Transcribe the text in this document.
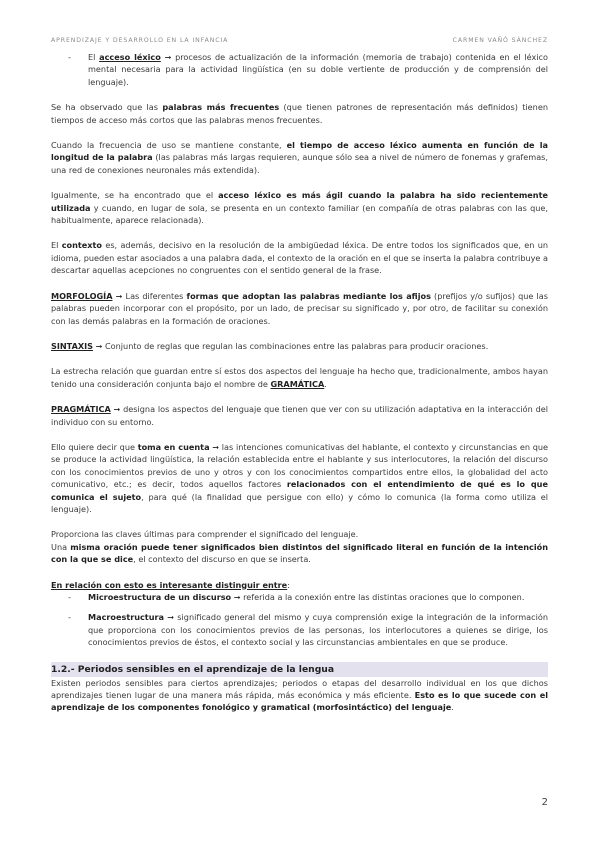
APRENDIZAJE Y DESARROLLO EN LA INFANCIA	CARMEN VAÑÓ SÁNCHEZ

- El acceso léxico ➞ procesos de actualización de la información (memoria de trabajo) contenida en el léxico mental necesaria para la actividad lingüística (en su doble vertiente de producción y de comprensión del lenguaje).

Se ha observado que las palabras más frecuentes (que tienen patrones de representación más definidos) tienen tiempos de acceso más cortos que las palabras menos frecuentes.

Cuando la frecuencia de uso se mantiene constante, el tiempo de acceso léxico aumenta en función de la longitud de la palabra (las palabras más largas requieren, aunque sólo sea a nivel de número de fonemas y grafemas, una red de conexiones neuronales más extendida).

Igualmente, se ha encontrado que el acceso léxico es más ágil cuando la palabra ha sido recientemente utilizada y cuando, en lugar de sola, se presenta en un contexto familiar (en compañía de otras palabras con las que, habitualmente, aparece relacionada).

El contexto es, además, decisivo en la resolución de la ambigüedad léxica. De entre todos los significados que, en un idioma, pueden estar asociados a una palabra dada, el contexto de la oración en el que se inserta la palabra contribuye a descartar aquellas acepciones no congruentes con el sentido general de la frase.

MORFOLOGÍA ➞ Las diferentes formas que adoptan las palabras mediante los afijos (prefijos y/o sufijos) que las palabras pueden incorporar con el propósito, por un lado, de precisar su significado y, por otro, de facilitar su conexión con las demás palabras en la formación de oraciones.

SINTAXIS ➞ Conjunto de reglas que regulan las combinaciones entre las palabras para producir oraciones.

La estrecha relación que guardan entre sí estos dos aspectos del lenguaje ha hecho que, tradicionalmente, ambos hayan tenido una consideración conjunta bajo el nombre de GRAMÁTICA.

PRAGMÁTICA ➞ designa los aspectos del lenguaje que tienen que ver con su utilización adaptativa en la interacción del individuo con su entorno.

Ello quiere decir que toma en cuenta ➞ las intenciones comunicativas del hablante, el contexto y circunstancias en que se produce la actividad lingüística, la relación establecida entre el hablante y sus interlocutores, la relación del discurso con los conocimientos previos de uno y otros y con los conocimientos compartidos entre ellos, la globalidad del acto comunicativo, etc.; es decir, todos aquellos factores relacionados con el entendimiento de qué es lo que comunica el sujeto, para qué (la finalidad que persigue con ello) y cómo lo comunica (la forma como utiliza el lenguaje).

Proporciona las claves últimas para comprender el significado del lenguaje.

Una misma oración puede tener significados bien distintos del significado literal en función de la intención con la que se dice, el contexto del discurso en que se inserta.

En relación con esto es interesante distinguir entre:

- Microestructura de un discurso ➞ referida a la conexión entre las distintas oraciones que lo componen.

- Macroestructura ➞ significado general del mismo y cuya comprensión exige la integración de la información que proporciona con los conocimientos previos de las personas, los interlocutores a quienes se dirige, los conocimientos previos de éstos, el contexto social y las circunstancias ambientales en que se produce.

1.2.- Periodos sensibles en el aprendizaje de la lengua

Existen periodos sensibles para ciertos aprendizajes; periodos o etapas del desarrollo individual en los que dichos aprendizajes tienen lugar de una manera más rápida, más económica y más eficiente. Esto es lo que sucede con el aprendizaje de los componentes fonológico y gramatical (morfosintáctico) del lenguaje.

2
